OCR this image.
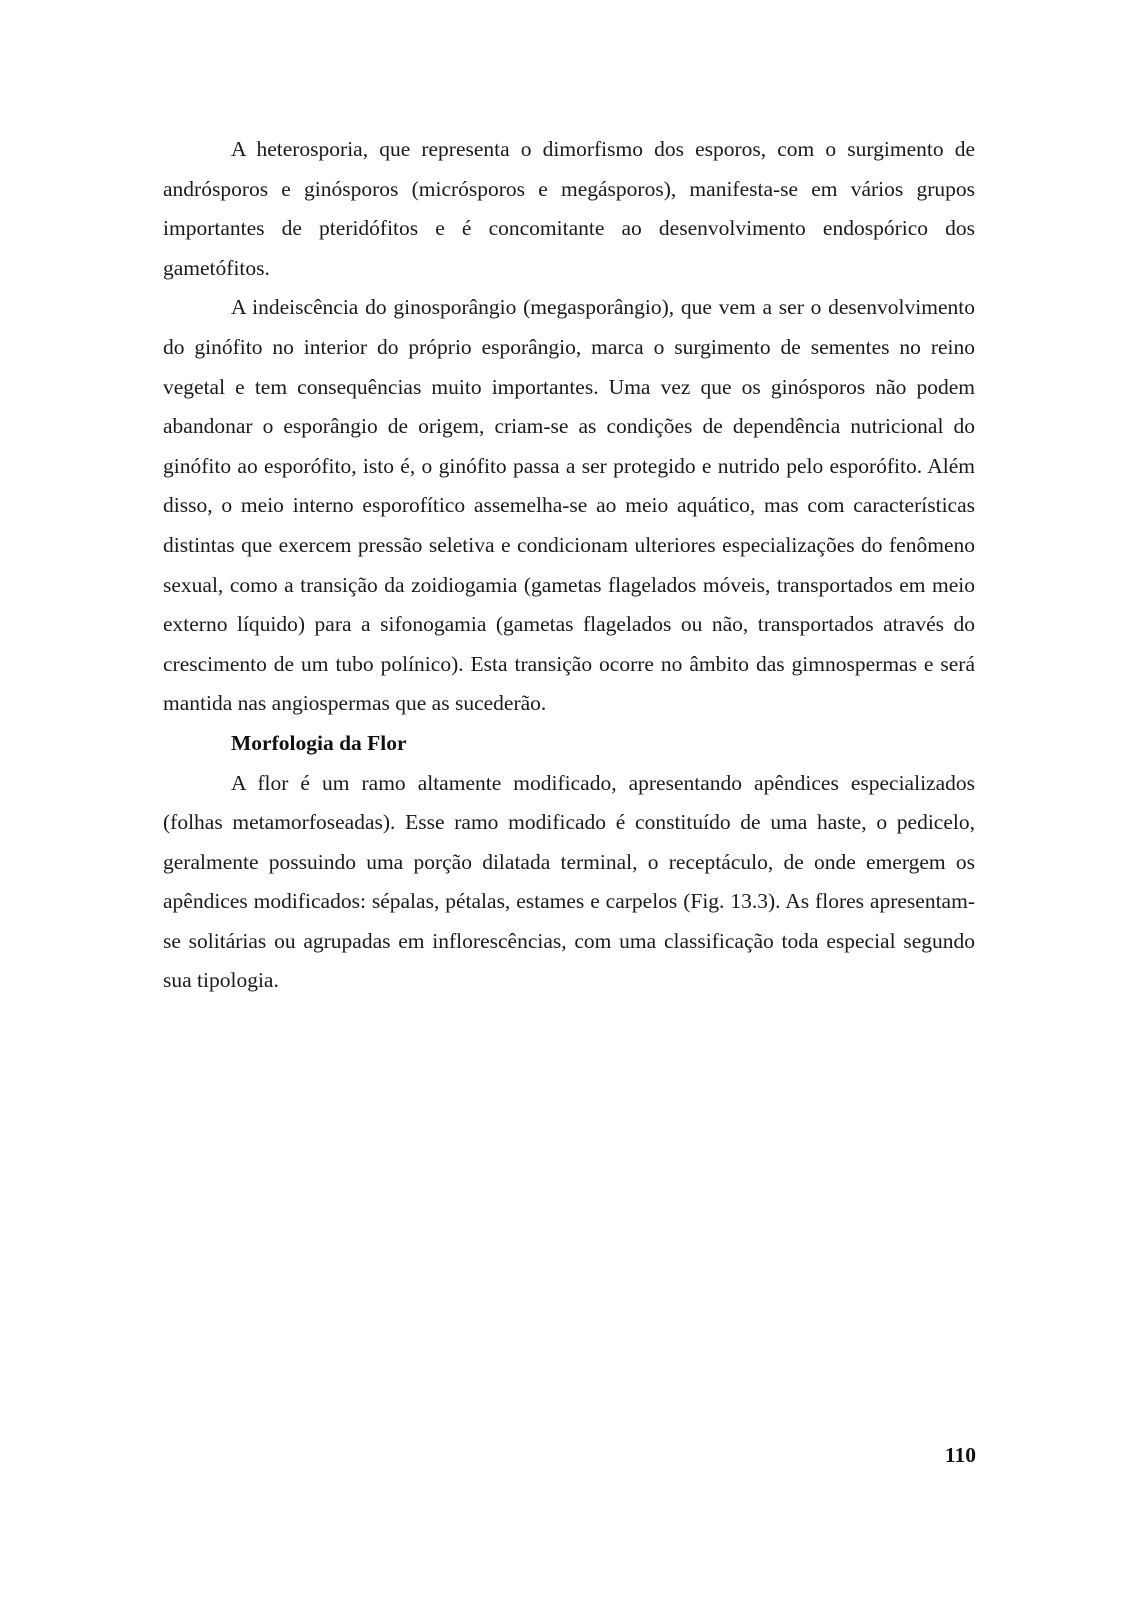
A heterosporia, que representa o dimorfismo dos esporos, com o surgimento de andrósporos e ginósporos (micrósporos e megásporos), manifesta-se em vários grupos importantes de pteridófitos e é concomitante ao desenvolvimento endospórico dos gametófitos.

A indeiscência do ginosporângio (megasporângio), que vem a ser o desenvolvimento do ginófito no interior do próprio esporângio, marca o surgimento de sementes no reino vegetal e tem consequências muito importantes. Uma vez que os ginósporos não podem abandonar o esporângio de origem, criam-se as condições de dependência nutricional do ginófito ao esporófito, isto é, o ginófito passa a ser protegido e nutrido pelo esporófito. Além disso, o meio interno esporofítico assemelha-se ao meio aquático, mas com características distintas que exercem pressão seletiva e condicionam ulteriores especializações do fenômeno sexual, como a transição da zoidiogamia (gametas flagelados móveis, transportados em meio externo líquido) para a sifonogamia (gametas flagelados ou não, transportados através do crescimento de um tubo polínico). Esta transição ocorre no âmbito das gimnospermas e será mantida nas angiospermas que as sucederão.

Morfologia da Flor

A flor é um ramo altamente modificado, apresentando apêndices especializados (folhas metamorfoseadas). Esse ramo modificado é constituído de uma haste, o pedicelo, geralmente possuindo uma porção dilatada terminal, o receptáculo, de onde emergem os apêndices modificados: sépalas, pétalas, estames e carpelos (Fig. 13.3). As flores apresentam-se solitárias ou agrupadas em inflorescências, com uma classificação toda especial segundo sua tipologia.

110
